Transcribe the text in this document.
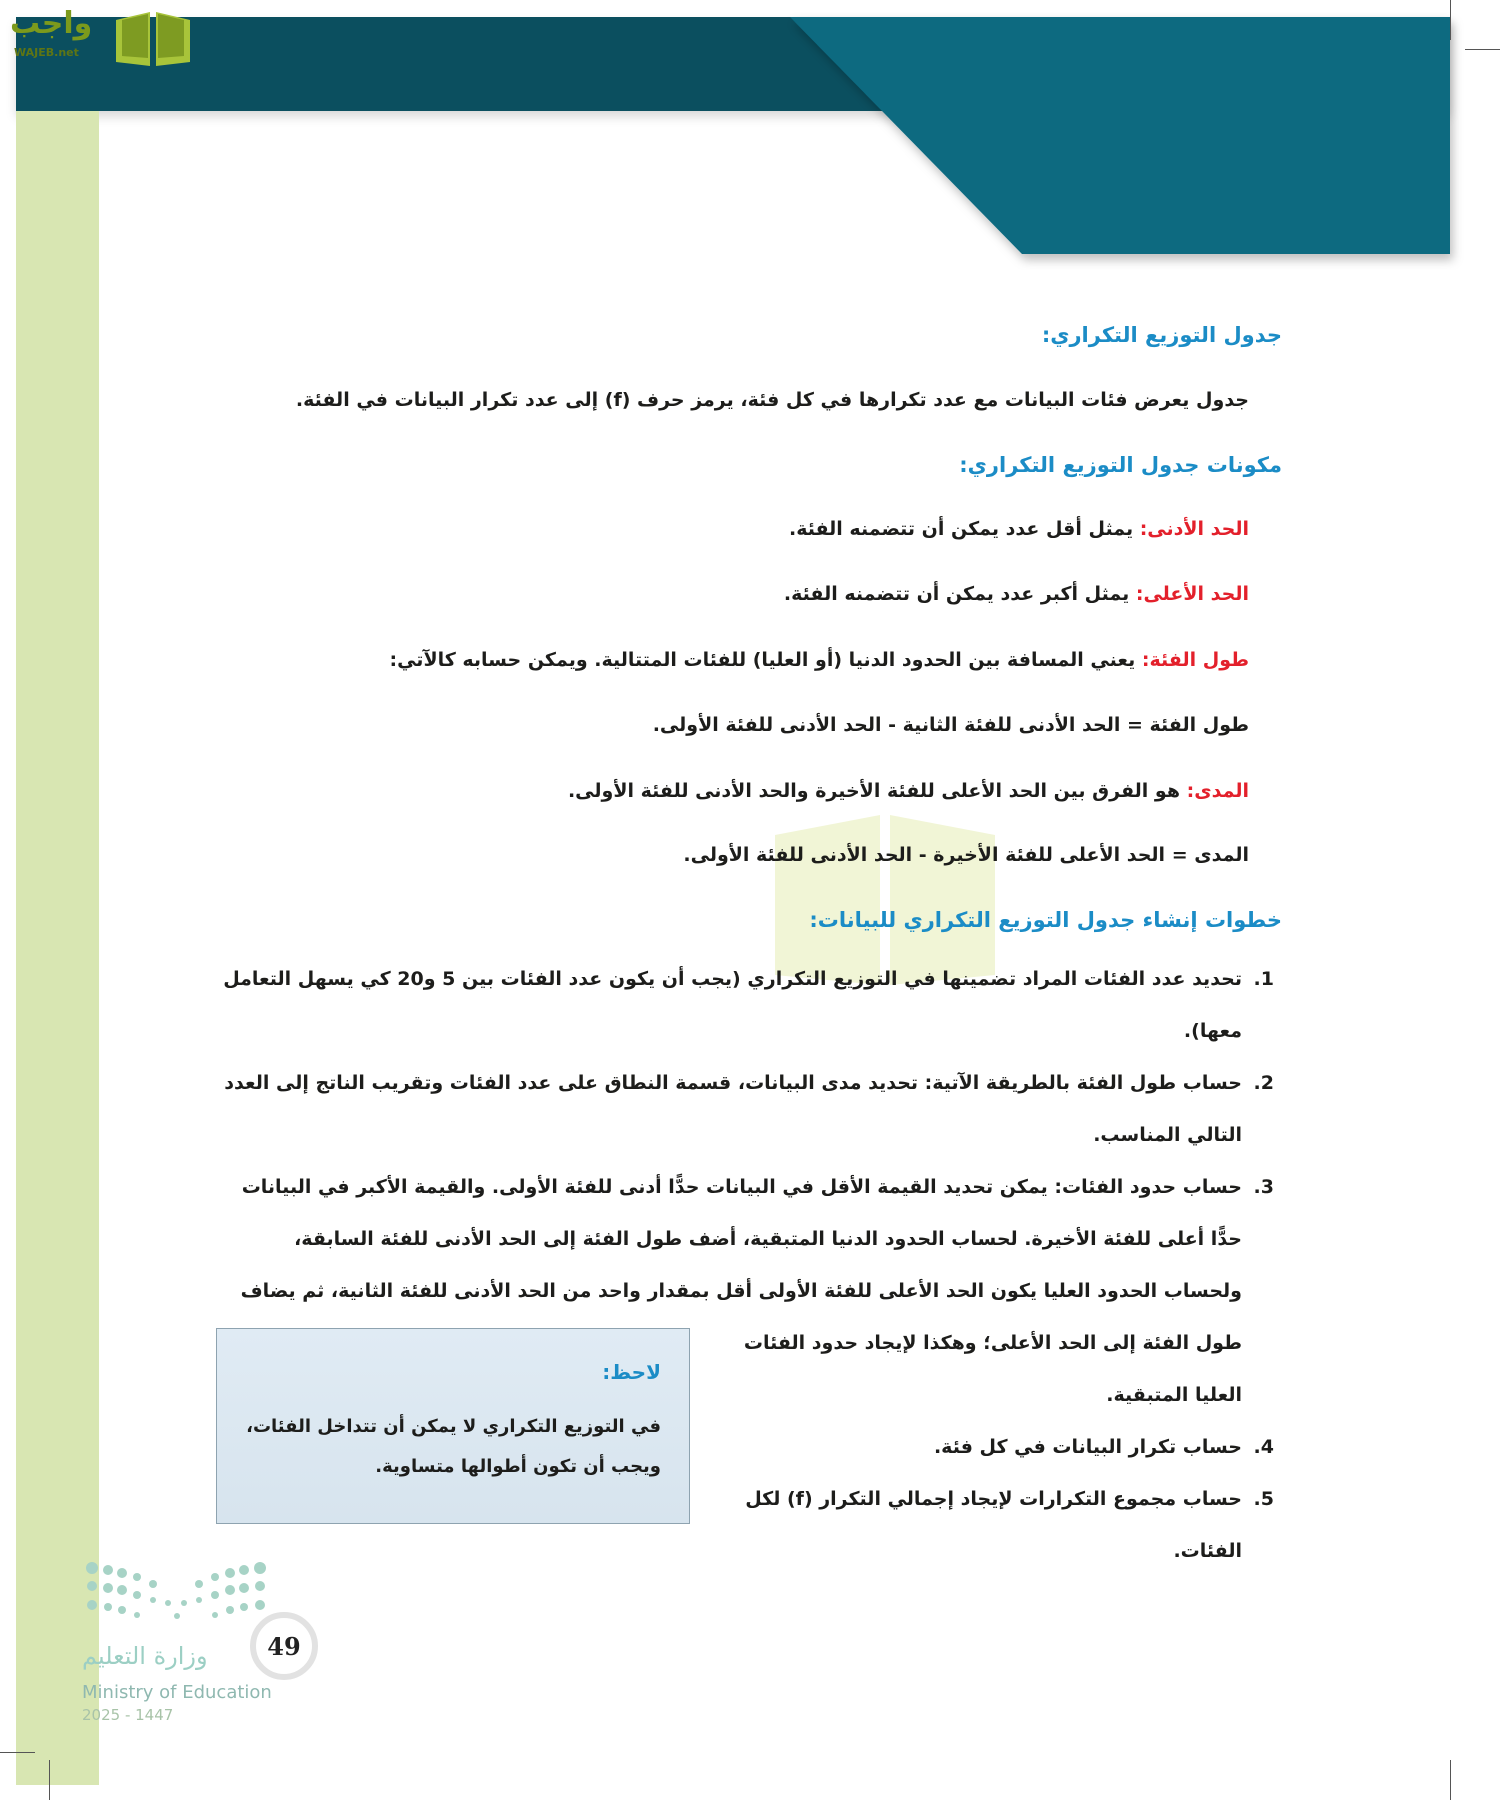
واجب
WAJEB.net
جدول التوزيع التكراري:
جدول يعرض فئات البيانات مع عدد تكرارها في كل فئة، يرمز حرف (f) إلى عدد تكرار البيانات في الفئة.
مكونات جدول التوزيع التكراري:
الحد الأدنى: يمثل أقل عدد يمكن أن تتضمنه الفئة.
الحد الأعلى: يمثل أكبر عدد يمكن أن تتضمنه الفئة.
طول الفئة: يعني المسافة بين الحدود الدنيا (أو العليا) للفئات المتتالية. ويمكن حسابه كالآتي:
طول الفئة = الحد الأدنى للفئة الثانية - الحد الأدنى للفئة الأولى.
المدى: هو الفرق بين الحد الأعلى للفئة الأخيرة والحد الأدنى للفئة الأولى.
المدى = الحد الأعلى للفئة الأخيرة - الحد الأدنى للفئة الأولى.
خطوات إنشاء جدول التوزيع التكراري للبيانات:
لاحظ:
في التوزيع التكراري لا يمكن أن تتداخل الفئات،
ويجب أن تكون أطوالها متساوية.
1.
تحديد عدد الفئات المراد تضمينها في التوزيع التكراري (يجب أن يكون عدد الفئات بين 5 و20 كي يسهل التعامل معها).
2.
حساب طول الفئة بالطريقة الآتية: تحديد مدى البيانات، قسمة النطاق على عدد الفئات وتقريب الناتج إلى العدد التالي المناسب.
3.
حساب حدود الفئات: يمكن تحديد القيمة الأقل في البيانات حدًّا أدنى للفئة الأولى. والقيمة الأكبر في البيانات حدًّا أعلى للفئة الأخيرة. لحساب الحدود الدنيا المتبقية، أضف طول الفئة إلى الحد الأدنى للفئة السابقة، ولحساب الحدود العليا يكون الحد الأعلى للفئة الأولى أقل بمقدار واحد من الحد الأدنى للفئة الثانية، ثم يضاف طول الفئة إلى الحد الأعلى؛ وهكذا لإيجاد حدود الفئات العليا المتبقية.
4.
حساب تكرار البيانات في كل فئة.
5.
حساب مجموع التكرارات لإيجاد إجمالي التكرار (f) لكل الفئات.
وزارة التعليم	49
Ministry of Education
2025 - 1447
